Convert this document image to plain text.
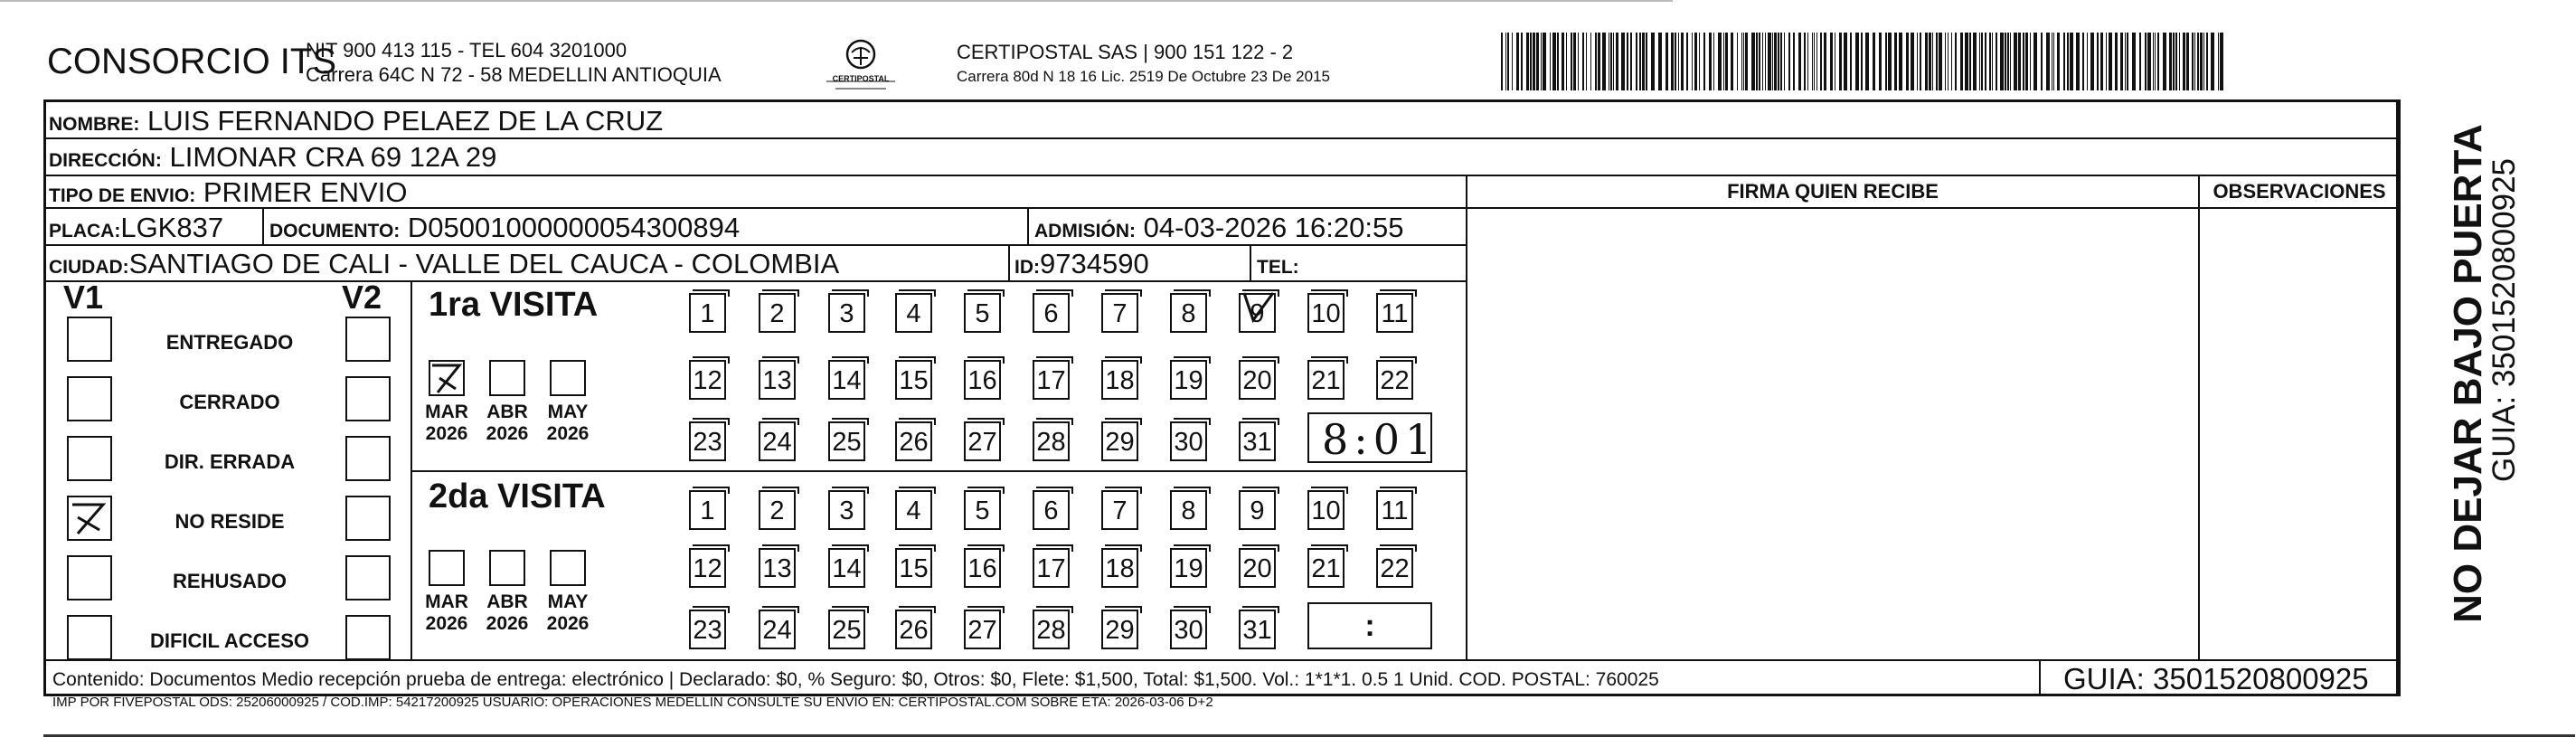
CONSORCIO ITS
NIT 900 413 115 - TEL 604 3201000
Carrera 64C N 72 - 58 MEDELLIN ANTIOQUIA	CERTIPOSTAL
CERTIPOSTAL SAS | 900 151 122 - 2
Carrera 80d N 18 16 Lic. 2519 De Octubre 23 De 2015
NOMBRE: LUIS FERNANDO PELAEZ DE LA CRUZ
DIRECCIÓN: LIMONAR CRA 69 12A 29
TIPO DE ENVIO: PRIMER ENVIO
PLACA:LGK837 DOCUMENTO: D05001000000054300894	ADMISIÓN: 04-03-2026 16:20:55
CIUDAD:SANTIAGO DE CALI - VALLE DEL CAUCA - COLOMBIA	ID:9734590	TEL:
FIRMA QUIEN RECIBE	OBSERVACIONES
V1	V2
ENTREGADO
CERRADO
DIR. ERRADA
NO RESIDE
REHUSADO
DIFICIL ACCESO
1ra VISITA
MAR
2026
ABR
2026
MAY
2026
1	2	3	4	5	6	7	8	9	10 11
12 13 14 15 16 17 18 19 20 21 22
23 24 25 26 27 28 29 30 31 8:01
2da VISITA
MAR
2026
ABR
2026
MAY
2026
1	2	3	4	5	6	7	8	9	10 11
12 13 14 15 16 17 18 19 20 21 22
23 24 25 26 27 28 29 30 31	:
Contenido: Documentos Medio recepción prueba de entrega: electrónico | Declarado: $0, % Seguro: $0, Otros: $0, Flete: $1,500, Total: $1,500. Vol.: 1*1*1. 0.5 1 Unid. COD. POSTAL: 760025
IMP POR FIVEPOSTAL ODS: 25206000925 / COD.IMP: 54217200925 USUARIO: OPERACIONES MEDELLIN CONSULTE SU ENVIO EN: CERTIPOSTAL.COM SOBRE ETA: 2026-03-06 D+2
GUIA: 3501520800925
NO DEJAR BAJO PUERTA
GUIA: 3501520800925
